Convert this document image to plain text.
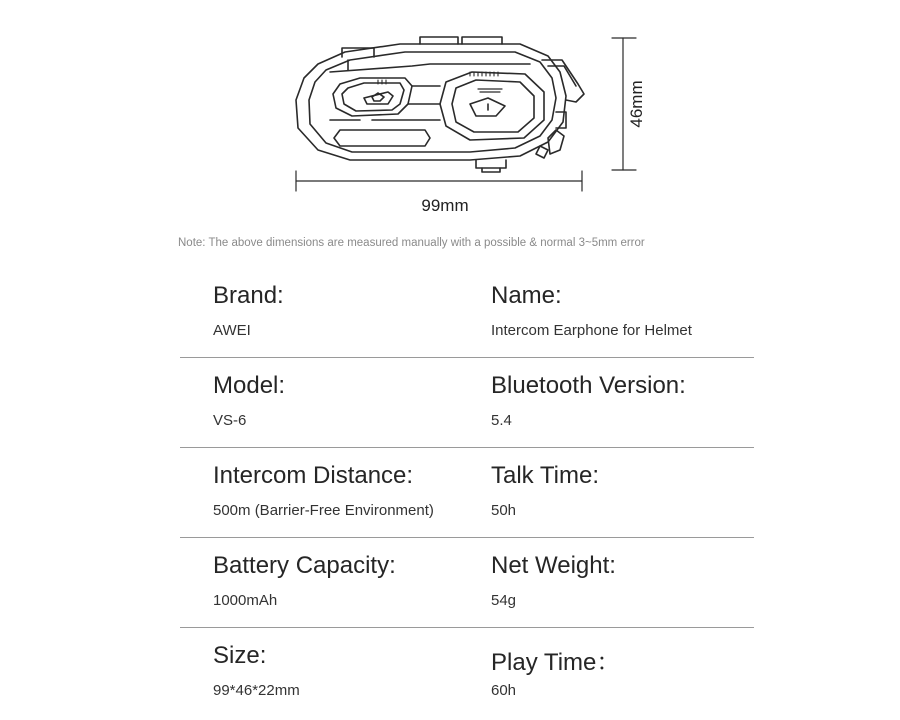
99mm
46mm
Note: The above dimensions are measured manually with a possible & normal 3~5mm error
Brand:
AWEI
Name:
Intercom Earphone for Helmet
Model:
VS-6
Bluetooth Version:
5.4
Intercom Distance:
500m (Barrier-Free Environment)
Talk Time:
50h
Battery Capacity:
1000mAh
Net Weight:
54g
Size:
99*46*22mm
Play Time：
60h
